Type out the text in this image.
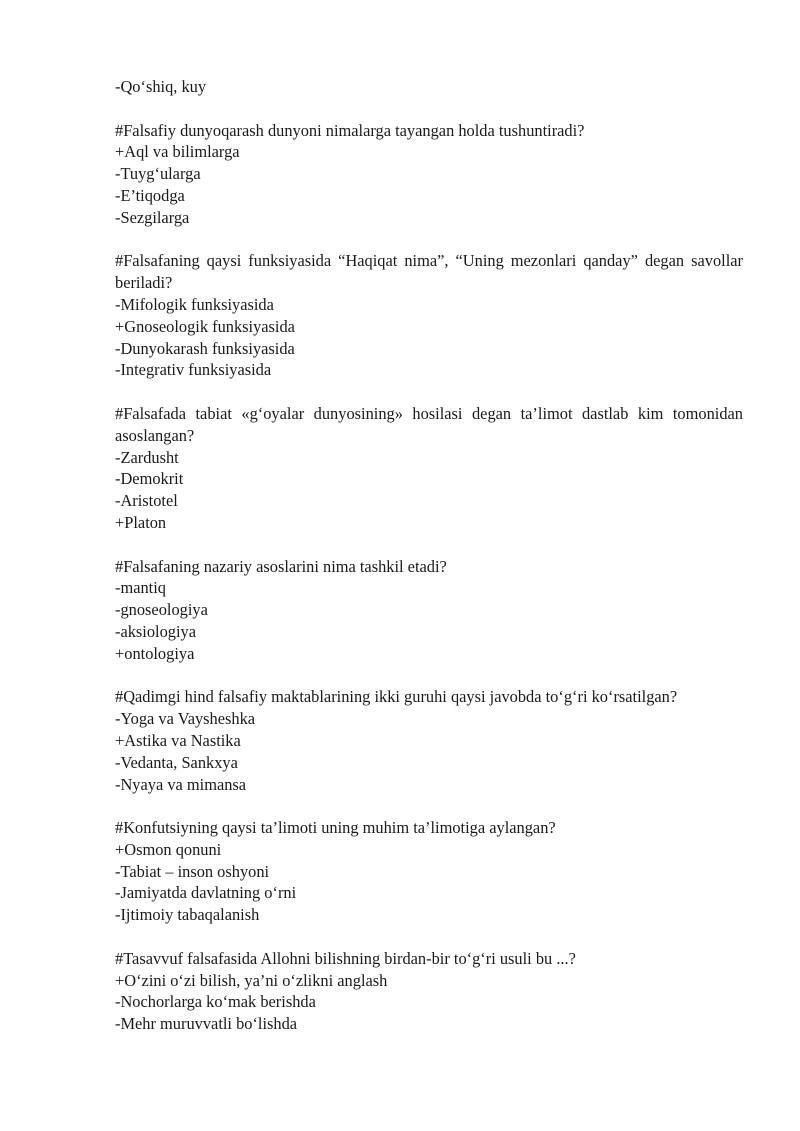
-Qo‘shiq, kuy
#Falsafiy dunyoqarash dunyoni nimalarga tayangan holda tushuntiradi?
+Aql va bilimlarga
-Tuyg‘ularga
-E’tiqodga
-Sezgilarga
#Falsafaning qaysi funksiyasida “Haqiqat nima”, “Uning mezonlari qanday” degan savollar beriladi?
-Mifologik funksiyasida
+Gnoseologik funksiyasida
-Dunyokarash funksiyasida
-Integrativ funksiyasida
#Falsafada tabiat «g‘oyalar dunyosining» hosilasi degan ta’limot dastlab kim tomonidan asoslangan?
-Zardusht
-Demokrit
-Aristotel
+Platon
#Falsafaning nazariy asoslarini nima tashkil etadi?
-mantiq
-gnoseologiya
-aksiologiya
+ontologiya
#Qadimgi hind falsafiy maktablarining ikki guruhi qaysi javobda to‘g‘ri ko‘rsatilgan?
-Yoga va Vaysheshka
+Astika va Nastika
-Vedanta, Sankxya
-Nyaya va mimansa
#Konfutsiyning qaysi ta’limoti uning muhim ta’limotiga aylangan?
+Osmon qonuni
-Tabiat – inson oshyoni
-Jamiyatda davlatning o‘rni
-Ijtimoiy tabaqalanish
#Tasavvuf falsafasida Allohni bilishning birdan-bir to‘g‘ri usuli bu ...?
+O‘zini o‘zi bilish, ya’ni o‘zlikni anglash
-Nochorlarga ko‘mak berishda
-Mehr muruvvatli bo‘lishda
